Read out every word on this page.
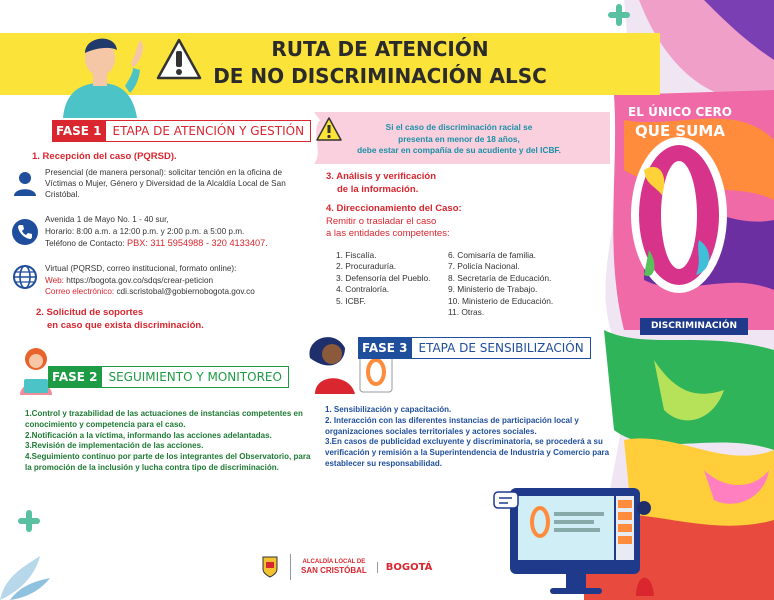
EL ÚNICO CERO
QUE SUMA
DISCRIMINACIÓN
RUTA DE ATENCIÓN
DE NO DISCRIMINACIÓN ALSC
FASE 1 ETAPA DE ATENCIÓN Y GESTIÓN
1. Recepción del caso (PQRSD).
Presencial (de manera personal): solicitar tención en la oficina de Víctimas o Mujer, Género y Diversidad de la Alcaldía Local de San Cristóbal.
Avenida 1 de Mayo No. 1 - 40 sur,
Horario: 8:00 a.m. a 12:00 p.m. y 2:00 p.m. a 5:00 p.m.
Teléfono de Contacto: PBX: 311 5954988 - 320 4133407.
Virtual (PQRSD, correo institucional, formato online):
Web: https://bogota.gov.co/sdqs/crear-peticion
Correo electrónico: cdi.scristobal@gobiernobogota.gov.co
2. Solicitud de soportes
en caso que exista discriminación.
Si el caso de discriminación racial se
presenta en menor de 18 años,
debe estar en compañía de su acudiente y del ICBF.
3. Análisis y verificación
de la información.
4. Direccionamiento del Caso:
Remitir o trasladar el caso
a las entidades competentes:
1. Fiscalía.
2. Procuraduría.
3. Defensoría del Pueblo.
4. Contraloría.
5. ICBF.
6. Comisaría de familia.
7. Policía Nacional.
8. Secretaría de Educación.
9. Ministerio de Trabajo.
10. Ministerio de Educación.
11. Otras.
FASE 2 SEGUIMIENTO Y MONITOREO
1.Control y trazabilidad de las actuaciones de instancias competentes en conocimiento y competencia para el caso.
2.Notificación a la víctima, informando las acciones adelantadas.
3.Revisión de implementación de las acciones.
4.Seguimiento continuo por parte de los integrantes del Observatorio, para la promoción de la inclusión y lucha contra tipo de discriminación.
FASE 3 ETAPA DE SENSIBILIZACIÓN
1. Sensibilización y capacitación.
2. Interacción con las diferentes instancias de participación local y organizaciones sociales territoriales y actores sociales.
3.En casos de publicidad excluyente y discriminatoria, se procederá a su verificación y remisión a la Superintendencia de Industria y Comercio para establecer su responsabilidad.
ALCALDÍA LOCAL DE
SAN CRISTÓBAL	BOGOTÁ
